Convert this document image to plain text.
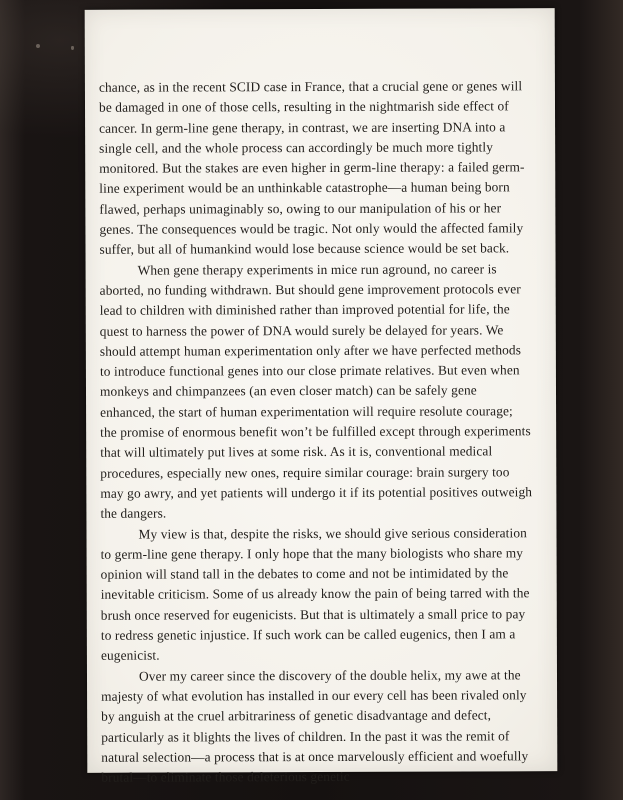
chance, as in the recent SCID case in France, that a crucial gene or genes will be damaged in one of those cells, resulting in the nightmarish side effect of cancer. In germ-line gene therapy, in contrast, we are inserting DNA into a single cell, and the whole process can accordingly be much more tightly monitored. But the stakes are even higher in germ-line therapy: a failed germ-line experiment would be an unthinkable catastrophe—a human being born flawed, perhaps unimaginably so, owing to our manipulation of his or her genes. The consequences would be tragic. Not only would the affected family suffer, but all of humankind would lose because science would be set back.

When gene therapy experiments in mice run aground, no career is aborted, no funding withdrawn. But should gene improvement protocols ever lead to children with diminished rather than improved potential for life, the quest to harness the power of DNA would surely be delayed for years. We should attempt human experimentation only after we have perfected methods to introduce functional genes into our close primate relatives. But even when monkeys and chimpanzees (an even closer match) can be safely gene enhanced, the start of human experimentation will require resolute courage; the promise of enormous benefit won’t be fulfilled except through experiments that will ultimately put lives at some risk. As it is, conventional medical procedures, especially new ones, require similar courage: brain surgery too may go awry, and yet patients will undergo it if its potential positives outweigh the dangers.

My view is that, despite the risks, we should give serious consideration to germ-line gene therapy. I only hope that the many biologists who share my opinion will stand tall in the debates to come and not be intimidated by the inevitable criticism. Some of us already know the pain of being tarred with the brush once reserved for eugenicists. But that is ultimately a small price to pay to redress genetic injustice. If such work can be called eugenics, then I am a eugenicist.

Over my career since the discovery of the double helix, my awe at the majesty of what evolution has installed in our every cell has been rivaled only by anguish at the cruel arbitrariness of genetic disadvantage and defect, particularly as it blights the lives of children. In the past it was the remit of natural selection—a process that is at once marvelously efficient and woefully brutal—to eliminate those deleterious genetic
